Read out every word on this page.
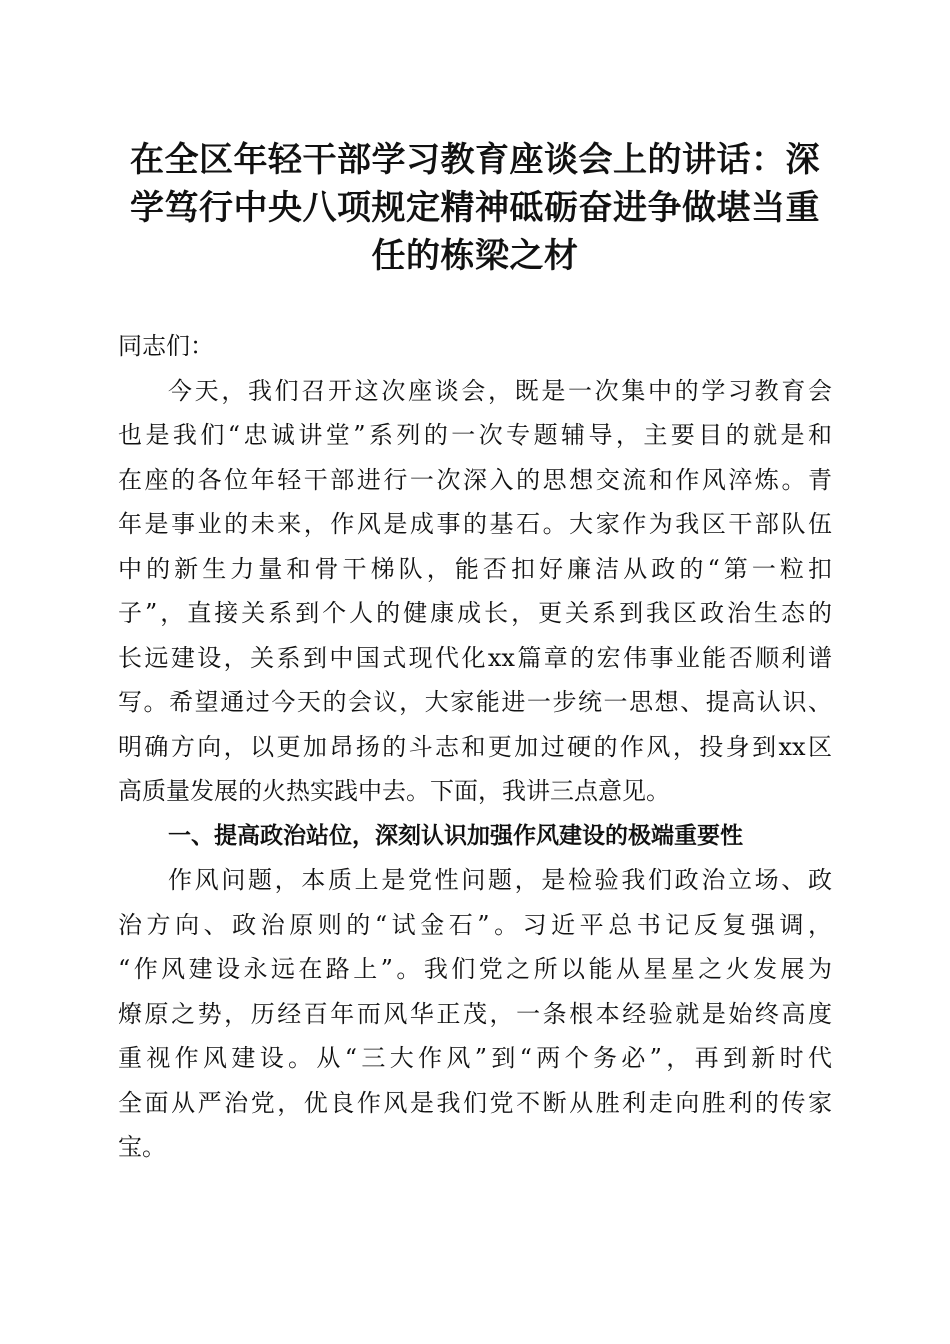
在全区年轻干部学习教育座谈会上的讲话：深
学笃行中央八项规定精神砥砺奋进争做堪当重
任的栋梁之材
同志们：
今天，我们召开这次座谈会，既是一次集中的学习教育会
也是我们“忠诚讲堂”系列的一次专题辅导，主要目的就是和
在座的各位年轻干部进行一次深入的思想交流和作风淬炼。青
年是事业的未来，作风是成事的基石。大家作为我区干部队伍
中的新生力量和骨干梯队，能否扣好廉洁从政的“第一粒扣
子”，直接关系到个人的健康成长，更关系到我区政治生态的
长远建设，关系到中国式现代化xx篇章的宏伟事业能否顺利谱
写。希望通过今天的会议，大家能进一步统一思想、提高认识、
明确方向，以更加昂扬的斗志和更加过硬的作风，投身到xx区
高质量发展的火热实践中去。下面，我讲三点意见。
一、提高政治站位，深刻认识加强作风建设的极端重要性
作风问题，本质上是党性问题，是检验我们政治立场、政
治方向、政治原则的“试金石”。习近平总书记反复强调，
“作风建设永远在路上”。我们党之所以能从星星之火发展为
燎原之势，历经百年而风华正茂，一条根本经验就是始终高度
重视作风建设。从“三大作风”到“两个务必”，再到新时代
全面从严治党，优良作风是我们党不断从胜利走向胜利的传家
宝。
